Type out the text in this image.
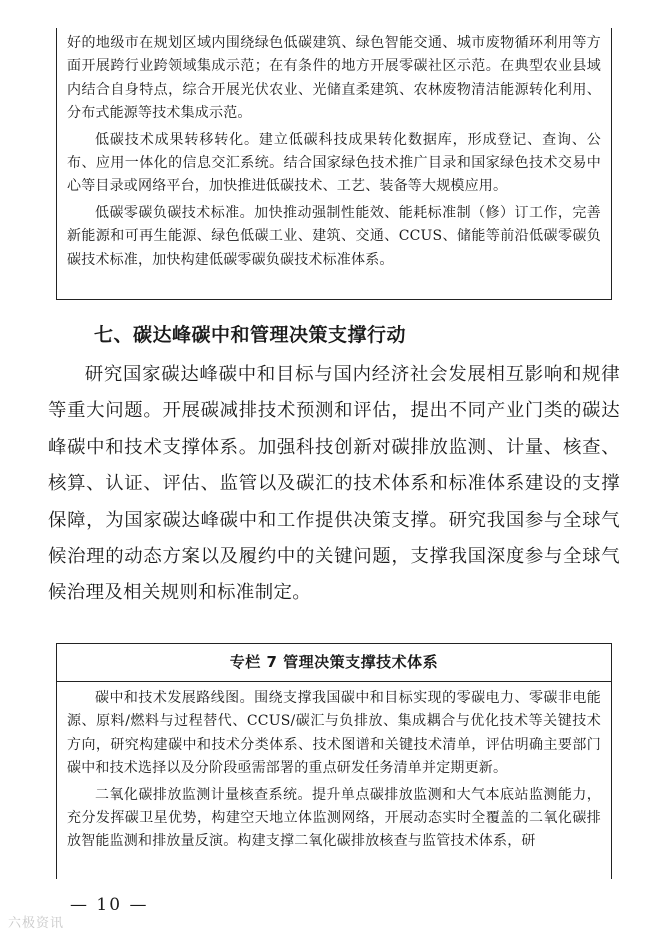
好的地级市在规划区域内围绕绿色低碳建筑、绿色智能交通、城市废物循环利用等方面开展跨行业跨领域集成示范；在有条件的地方开展零碳社区示范。在典型农业县域内结合自身特点，综合开展光伏农业、光储直柔建筑、农林废物清洁能源转化利用、分布式能源等技术集成示范。

低碳技术成果转移转化。建立低碳科技成果转化数据库，形成登记、查询、公布、应用一体化的信息交汇系统。结合国家绿色技术推广目录和国家绿色技术交易中心等目录或网络平台，加快推进低碳技术、工艺、装备等大规模应用。

低碳零碳负碳技术标准。加快推动强制性能效、能耗标准制（修）订工作，完善新能源和可再生能源、绿色低碳工业、建筑、交通、CCUS、储能等前沿低碳零碳负碳技术标准，加快构建低碳零碳负碳技术标准体系。

七、碳达峰碳中和管理决策支撑行动

研究国家碳达峰碳中和目标与国内经济社会发展相互影响和规律等重大问题。开展碳减排技术预测和评估，提出不同产业门类的碳达峰碳中和技术支撑体系。加强科技创新对碳排放监测、计量、核查、核算、认证、评估、监管以及碳汇的技术体系和标准体系建设的支撑保障，为国家碳达峰碳中和工作提供决策支撑。研究我国参与全球气候治理的动态方案以及履约中的关键问题，支撑我国深度参与全球气候治理及相关规则和标准制定。

专栏 7 管理决策支撑技术体系

碳中和技术发展路线图。围绕支撑我国碳中和目标实现的零碳电力、零碳非电能源、原料/燃料与过程替代、CCUS/碳汇与负排放、集成耦合与优化技术等关键技术方向，研究构建碳中和技术分类体系、技术图谱和关键技术清单，评估明确主要部门碳中和技术选择以及分阶段亟需部署的重点研发任务清单并定期更新。

二氧化碳排放监测计量核查系统。提升单点碳排放监测和大气本底站监测能力，充分发挥碳卫星优势，构建空天地立体监测网络，开展动态实时全覆盖的二氧化碳排放智能监测和排放量反演。构建支撑二氧化碳排放核查与监管技术体系，研

— 10 —
六极资讯
